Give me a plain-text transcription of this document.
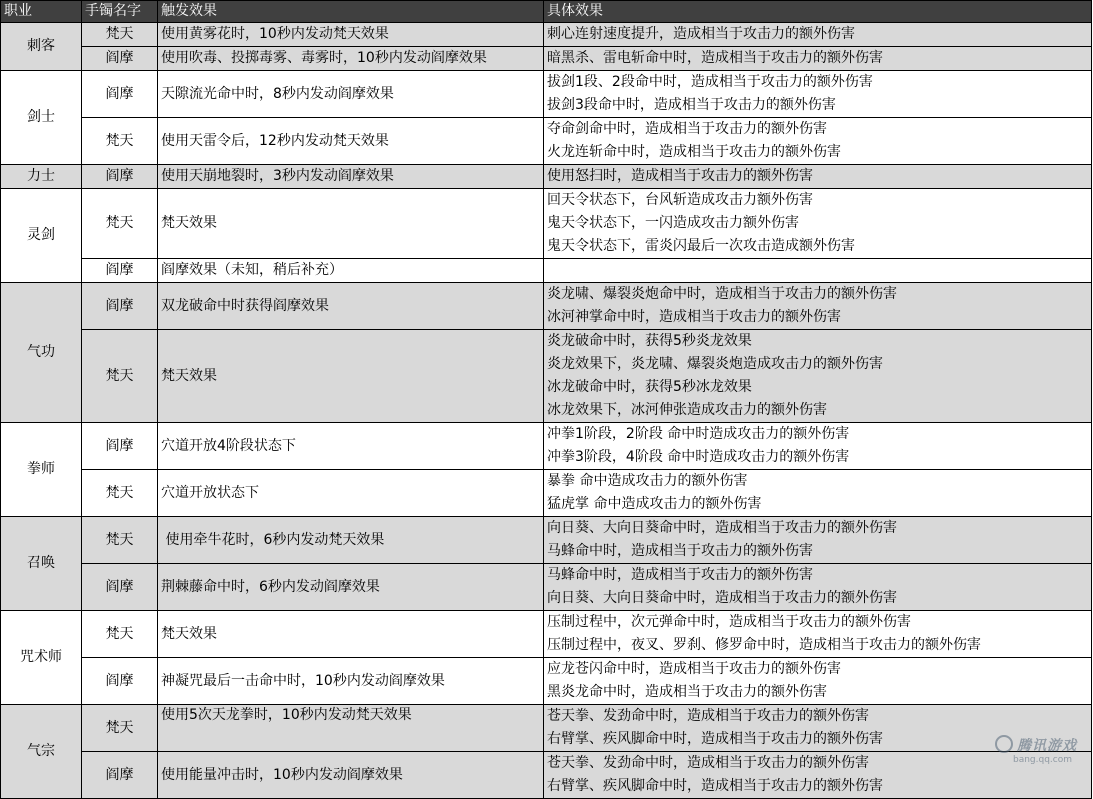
职业	手镯名字	触发效果	具体效果
刺客	梵天	使用黄雾花时，10秒内发动梵天效果	刺心连射速度提升，造成相当于攻击力的额外伤害

	阎摩	使用吹毒、投掷毒雾、毒雾时，10秒内发动阎摩效果	暗黑杀、雷电斩命中时，造成相当于攻击力的额外伤害

剑士	阎摩	天隙流光命中时，8秒内发动阎摩效果	拔剑1段、2段命中时，造成相当于攻击力的额外伤害
拔剑3段命中时，造成相当于攻击力的额外伤害

	梵天	使用天雷令后，12秒内发动梵天效果	夺命剑命中时，造成相当于攻击力的额外伤害
火龙连斩命中时，造成相当于攻击力的额外伤害

力士	阎摩	使用天崩地裂时，3秒内发动阎摩效果	使用怒扫时，造成相当于攻击力的额外伤害

灵剑	梵天	梵天效果	回天令状态下，台风斩造成攻击力额外伤害
鬼天令状态下，一闪造成攻击力额外伤害
鬼天令状态下，雷炎闪最后一次攻击造成额外伤害

	阎摩	阎摩效果（未知，稍后补充）	

气功	阎摩	双龙破命中时获得阎摩效果	炎龙啸、爆裂炎炮命中时，造成相当于攻击力的额外伤害
冰河神掌命中时，造成相当于攻击力的额外伤害

	梵天	梵天效果	炎龙破命中时，获得5秒炎龙效果
炎龙效果下，炎龙啸、爆裂炎炮造成攻击力的额外伤害
冰龙破命中时，获得5秒冰龙效果
冰龙效果下，冰河伸张造成攻击力的额外伤害

拳师	阎摩	穴道开放4阶段状态下	冲拳1阶段，2阶段 命中时造成攻击力的额外伤害
冲拳3阶段，4阶段 命中时造成攻击力的额外伤害

	梵天	穴道开放状态下	暴拳 命中造成攻击力的额外伤害
猛虎掌 命中造成攻击力的额外伤害

召唤	梵天	使用牵牛花时，6秒内发动梵天效果	向日葵、大向日葵命中时，造成相当于攻击力的额外伤害
马蜂命中时，造成相当于攻击力的额外伤害

	阎摩	荆棘藤命中时，6秒内发动阎摩效果	马蜂命中时，造成相当于攻击力的额外伤害
向日葵、大向日葵命中时，造成相当于攻击力的额外伤害

咒术师	梵天	梵天效果	压制过程中，次元弹命中时，造成相当于攻击力的额外伤害
压制过程中，夜叉、罗刹、修罗命中时，造成相当于攻击力的额外伤害

	阎摩	神凝咒最后一击命中时，10秒内发动阎摩效果	应龙苍闪命中时，造成相当于攻击力的额外伤害
黑炎龙命中时，造成相当于攻击力的额外伤害

气宗	梵天	使用5次天龙拳时，10秒内发动梵天效果	苍天拳、发劲命中时，造成相当于攻击力的额外伤害
右臂掌、疾风脚命中时，造成相当于攻击力的额外伤害

	阎摩	使用能量冲击时，10秒内发动阎摩效果	苍天拳、发劲命中时，造成相当于攻击力的额外伤害
右臂掌、疾风脚命中时，造成相当于攻击力的额外伤害
腾讯游戏
bang.qq.com
